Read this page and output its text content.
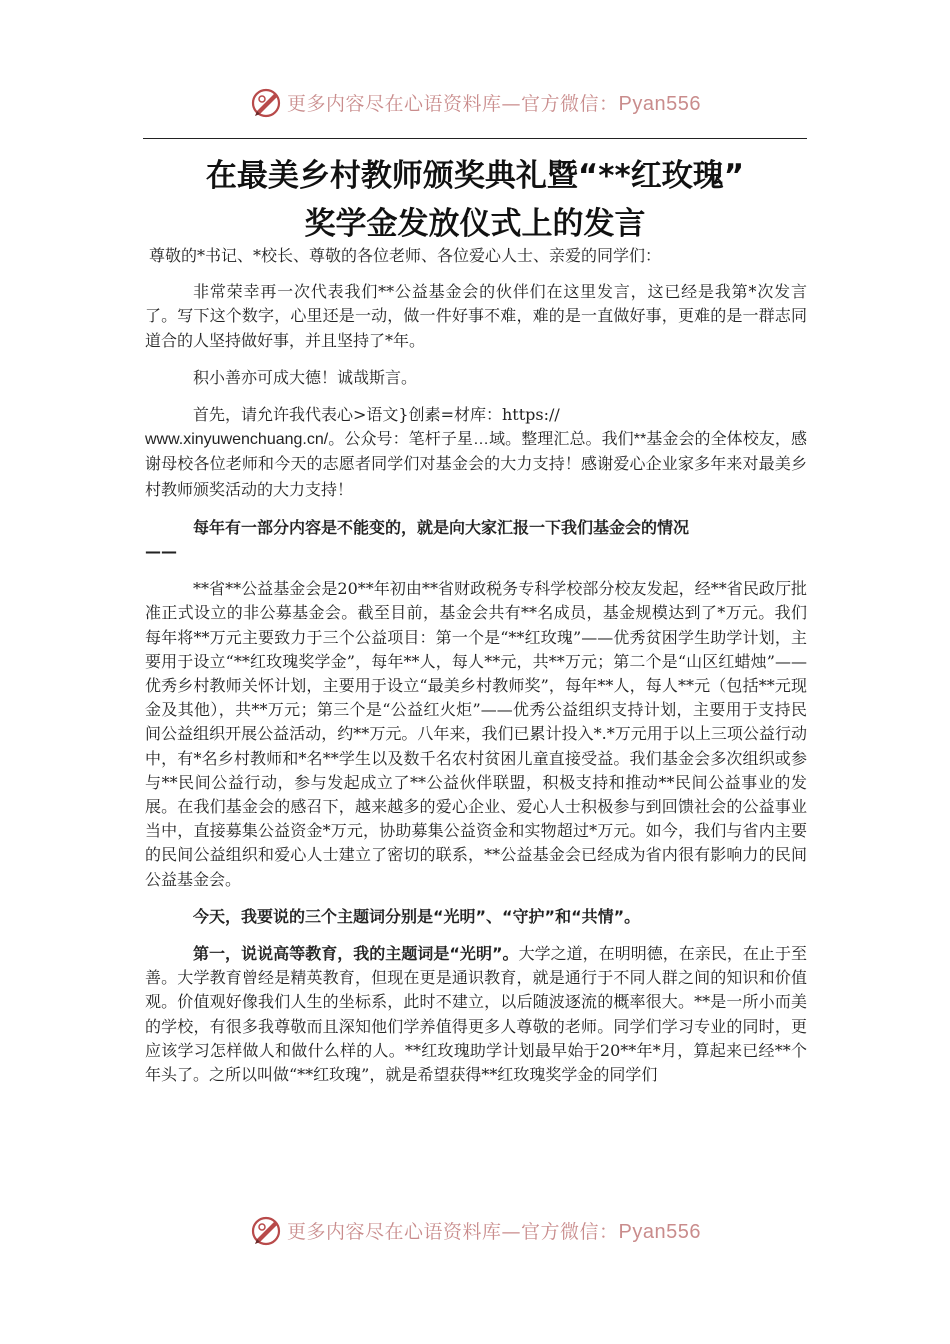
更多内容尽在心语资料库—官方微信：Pyan556
在最美乡村教师颁奖典礼暨“**红玫瑰”
奖学金发放仪式上的发言

尊敬的*书记、*校长、尊敬的各位老师、各位爱心人士、亲爱的同学们：

非常荣幸再一次代表我们**公益基金会的伙伴们在这里发言，这已经是我第*次发言了。写下这个数字，心里还是一动，做一件好事不难，难的是一直做好事，更难的是一群志同道合的人坚持做好事，并且坚持了*年。

积小善亦可成大德！诚哉斯言。

首先，请允许我代表心>语文}创素=材库：https://
www.xinyuwenchuang.cn/。公众号：笔杆子星…域。整理汇总。我们**基金会的全体校友，感谢母校各位老师和今天的志愿者同学们对基金会的大力支持！感谢爱心企业家多年来对最美乡村教师颁奖活动的大力支持！

每年有一部分内容是不能变的，就是向大家汇报一下我们基金会的情况
——

**省**公益基金会是20**年初由**省财政税务专科学校部分校友发起，经**省民政厅批准正式设立的非公募基金会。截至目前，基金会共有**名成员，基金规模达到了*万元。我们每年将**万元主要致力于三个公益项目：第一个是“**红玫瑰”——优秀贫困学生助学计划，主要用于设立“**红玫瑰奖学金”，每年**人，每人**元，共**万元；第二个是“山区红蜡烛”——优秀乡村教师关怀计划，主要用于设立“最美乡村教师奖”，每年**人，每人**元（包括**元现金及其他），共**万元；第三个是“公益红火炬”——优秀公益组织支持计划，主要用于支持民间公益组织开展公益活动，约**万元。八年来，我们已累计投入*.*万元用于以上三项公益行动中，有*名乡村教师和*名**学生以及数千名农村贫困儿童直接受益。我们基金会多次组织或参与**民间公益行动，参与发起成立了**公益伙伴联盟，积极支持和推动**民间公益事业的发展。在我们基金会的感召下，越来越多的爱心企业、爱心人士积极参与到回馈社会的公益事业当中，直接募集公益资金*万元，协助募集公益资金和实物超过*万元。如今，我们与省内主要的民间公益组织和爱心人士建立了密切的联系，**公益基金会已经成为省内很有影响力的民间公益基金会。

今天，我要说的三个主题词分别是“光明”、“守护”和“共情”。

第一，说说高等教育，我的主题词是“光明”。大学之道，在明明德，在亲民，在止于至善。大学教育曾经是精英教育，但现在更是通识教育，就是通行于不同人群之间的知识和价值观。价值观好像我们人生的坐标系，此时不建立，以后随波逐流的概率很大。**是一所小而美的学校，有很多我尊敬而且深知他们学养值得更多人尊敬的老师。同学们学习专业的同时，更应该学习怎样做人和做什么样的人。**红玫瑰助学计划最早始于20**年*月，算起来已经**个年头了。之所以叫做“**红玫瑰”，就是希望获得**红玫瑰奖学金的同学们

更多内容尽在心语资料库—官方微信：Pyan556
